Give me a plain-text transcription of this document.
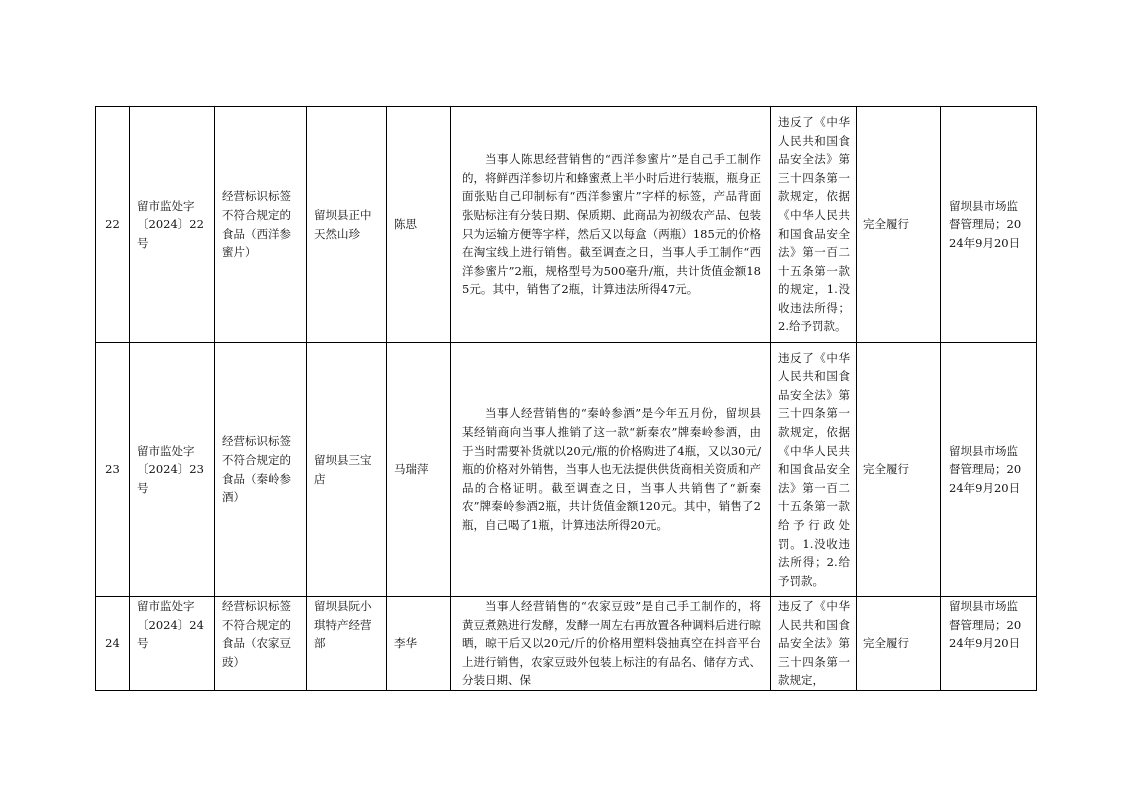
22	留市监处字〔2024〕22号	经营标识标签不符合规定的食品（西洋参蜜片）	留坝县正中天然山珍	陈思	当事人陈思经营销售的“西洋参蜜片”是自己手工制作的，将鲜西洋参切片和蜂蜜煮上半小时后进行装瓶，瓶身正面张贴自己印制标有“西洋参蜜片”字样的标签，产品背面张贴标注有分装日期、保质期、此商品为初级农产品、包装只为运输方便等字样，然后又以每盒（两瓶）185元的价格在淘宝线上进行销售。截至调查之日，当事人手工制作“西洋参蜜片”2瓶，规格型号为500毫升/瓶，共计货值金额185元。其中，销售了2瓶，计算违法所得47元。	违反了《中华人民共和国食品安全法》第三十四条第一款规定，依据《中华人民共和国食品安全法》第一百二十五条第一款的规定，1.没收违法所得；2.给予罚款。	完全履行	留坝县市场监督管理局；2024年9月20日
23	留市监处字〔2024〕23号	经营标识标签不符合规定的食品（秦岭参酒）	留坝县三宝店	马瑞萍	当事人经营销售的“秦岭参酒”是今年五月份，留坝县某经销商向当事人推销了这一款“新秦农”牌秦岭参酒，由于当时需要补货就以20元/瓶的价格购进了4瓶，又以30元/瓶的价格对外销售，当事人也无法提供供货商相关资质和产品的合格证明。截至调查之日，当事人共销售了“新秦农”牌秦岭参酒2瓶，共计货值金额120元。其中，销售了2瓶，自己喝了1瓶，计算违法所得20元。	违反了《中华人民共和国食品安全法》第三十四条第一款规定，依据《中华人民共和国食品安全法》第一百二十五条第一款给予行政处罚。1.没收违法所得；2.给予罚款。	完全履行	留坝县市场监督管理局；2024年9月20日
24	留市监处字〔2024〕24号	经营标识标签不符合规定的食品（农家豆豉）	留坝县阮小琪特产经营部	李华	当事人经营销售的“农家豆豉”是自己手工制作的，将黄豆煮熟进行发酵，发酵一周左右再放置各种调料后进行晾晒，晾干后又以20元/斤的价格用塑料袋抽真空在抖音平台上进行销售，农家豆豉外包装上标注的有品名、储存方式、分装日期、保	违反了《中华人民共和国食品安全法》第三十四条第一款规定，	完全履行	留坝县市场监督管理局；2024年9月20日
